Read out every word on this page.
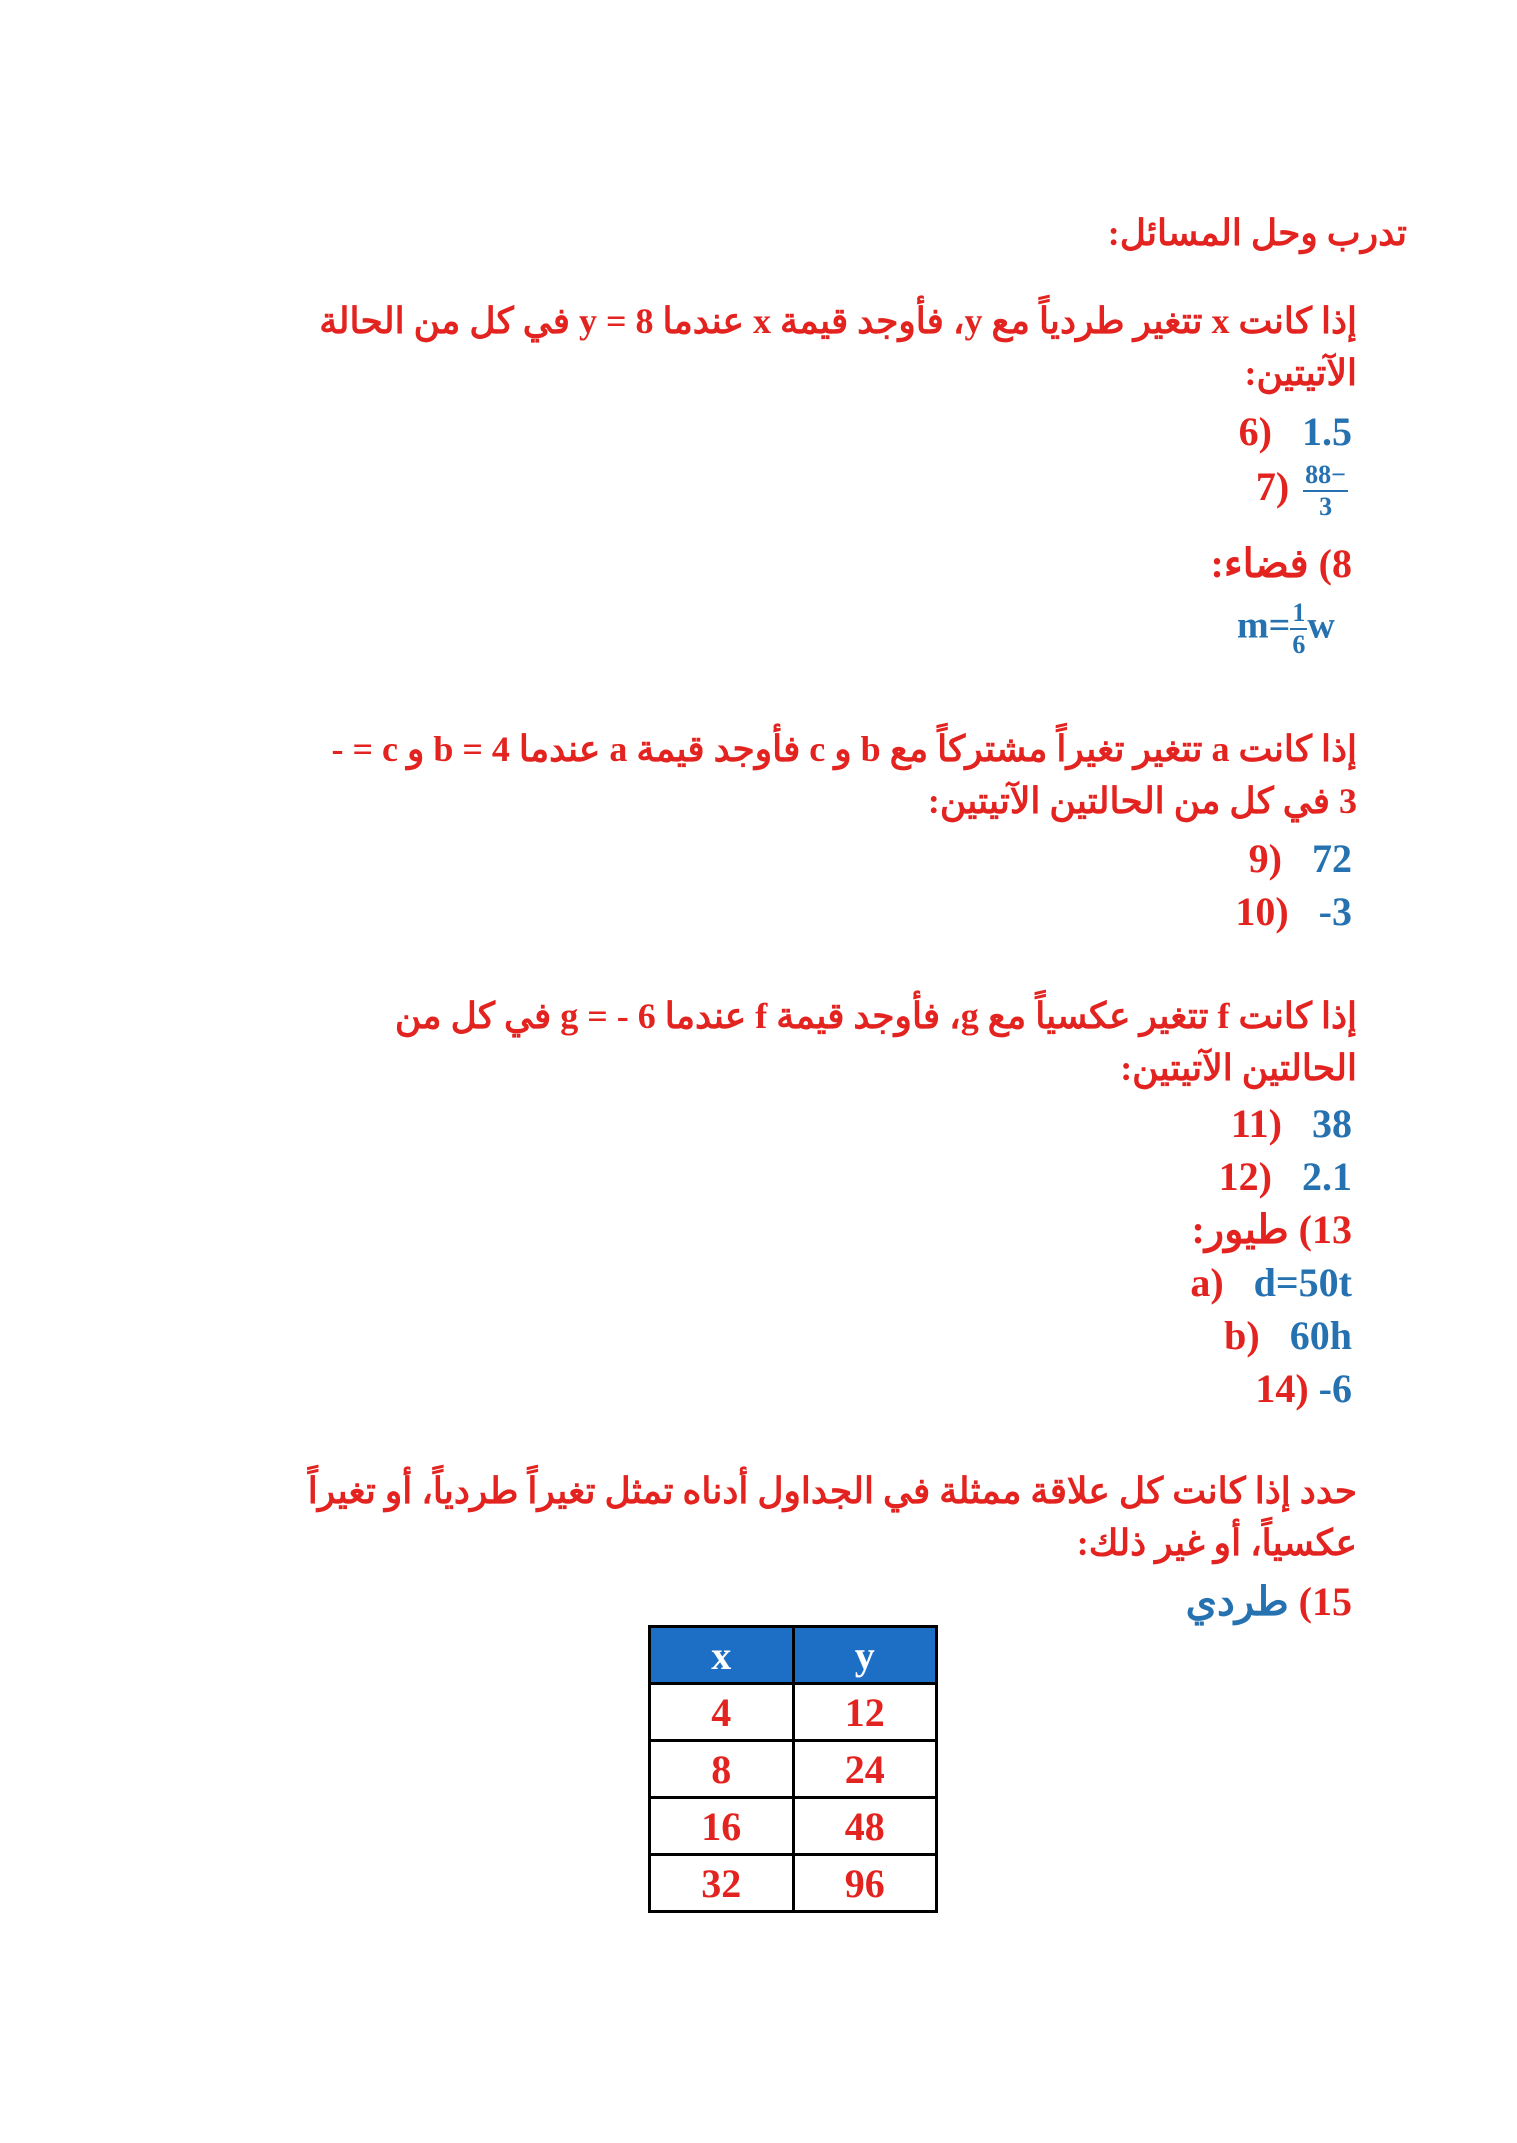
تدرب وحل المسائل:
إذا كانت x تتغير طردياً مع y، فأوجد قيمة x عندما y = 8 في كل من الحالة
الآتيتين:
6) 1.5
$7) \frac{-88}{3}$
8) فضاء:
$m= \frac{1}{6}$ w
إذا كانت a تتغير تغيراً مشتركاً مع b و c فأوجد قيمة a عندما b = 4 و c = -
3 في كل من الحالتين الآتيتين:
9) 72
10) -3
إذا كانت f تتغير عكسياً مع g، فأوجد قيمة f عندما g = - 6 في كل من
الحالتين الآتيتين:
11) 38
12) 2.1
13) طيور:
a) d=50t
b) 60h
14) -6
حدد إذا كانت كل علاقة ممثلة في الجداول أدناه تمثل تغيراً طردياً، أو تغيراً
عكسياً، أو غير ذلك:
15) طردي
x	y
4	12
8	24
16	48
32	96
